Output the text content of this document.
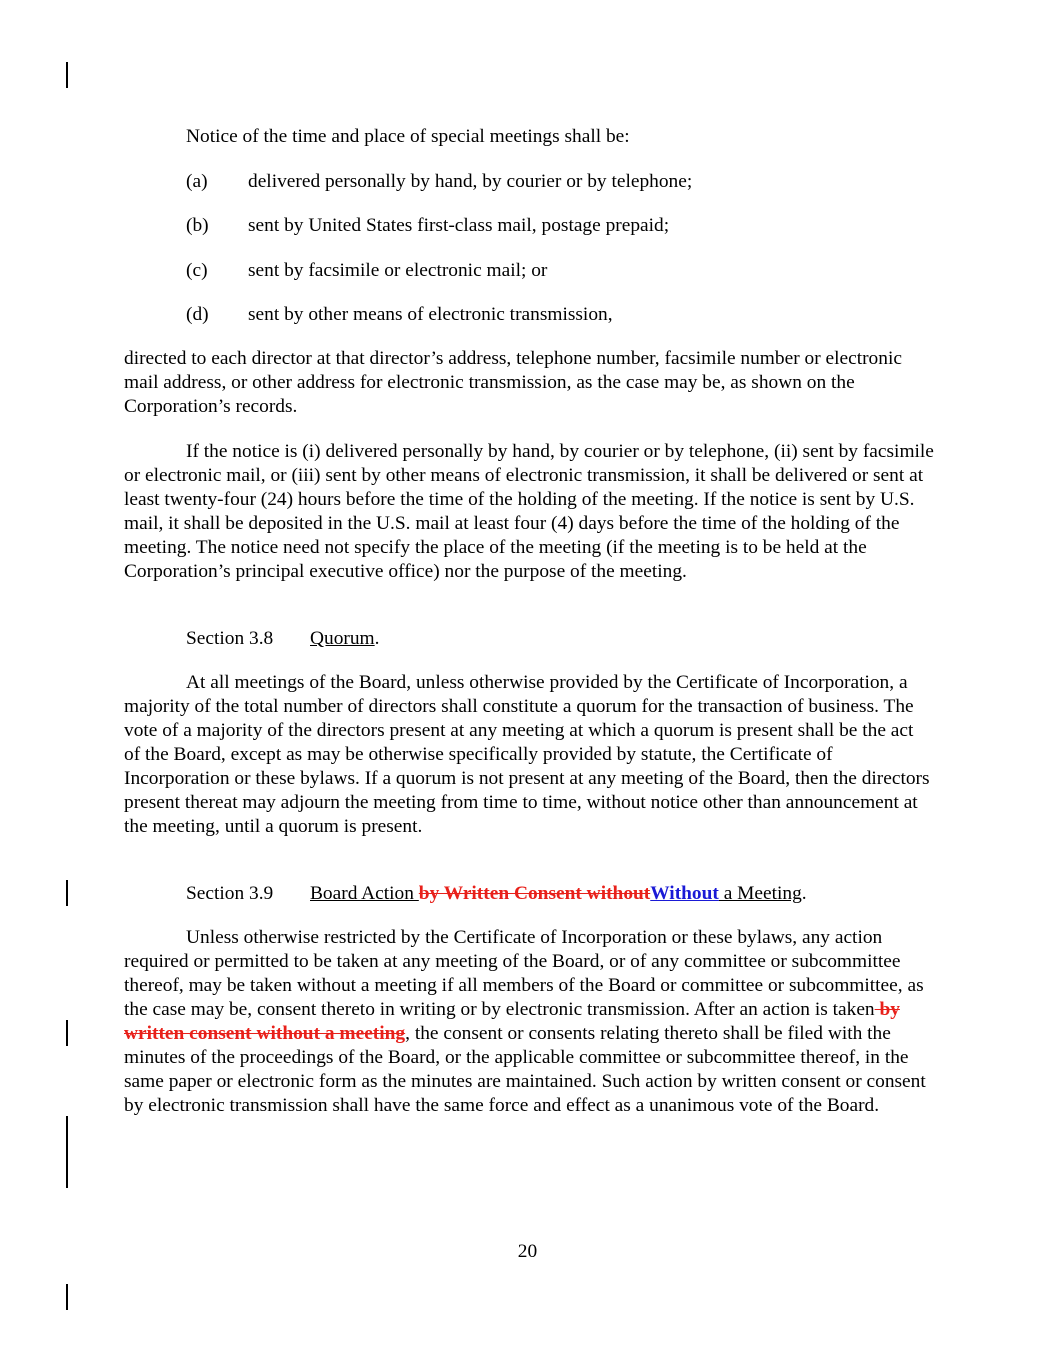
Notice of the time and place of special meetings shall be:
(a) delivered personally by hand, by courier or by telephone;
(b) sent by United States first-class mail, postage prepaid;
(c) sent by facsimile or electronic mail; or
(d) sent by other means of electronic transmission,

directed to each director at that director’s address, telephone number, facsimile number or electronic mail address, or other address for electronic transmission, as the case may be, as shown on the Corporation’s records.

If the notice is (i) delivered personally by hand, by courier or by telephone, (ii) sent by facsimile or electronic mail, or (iii) sent by other means of electronic transmission, it shall be delivered or sent at least twenty-four (24) hours before the time of the holding of the meeting. If the notice is sent by U.S. mail, it shall be deposited in the U.S. mail at least four (4) days before the time of the holding of the meeting. The notice need not specify the place of the meeting (if the meeting is to be held at the Corporation’s principal executive office) nor the purpose of the meeting.

Section 3.8 Quorum.

At all meetings of the Board, unless otherwise provided by the Certificate of Incorporation, a majority of the total number of directors shall constitute a quorum for the transaction of business. The vote of a majority of the directors present at any meeting at which a quorum is present shall be the act of the Board, except as may be otherwise specifically provided by statute, the Certificate of Incorporation or these bylaws. If a quorum is not present at any meeting of the Board, then the directors present thereat may adjourn the meeting from time to time, without notice other than announcement at the meeting, until a quorum is present.

Section 3.9 Board Action by Written Consent withoutWithout a Meeting.

Unless otherwise restricted by the Certificate of Incorporation or these bylaws, any action required or permitted to be taken at any meeting of the Board, or of any committee or subcommittee thereof, may be taken without a meeting if all members of the Board or committee or subcommittee, as the case may be, consent thereto in writing or by electronic transmission. After an action is taken by written consent without a meeting, the consent or consents relating thereto shall be filed with the minutes of the proceedings of the Board, or the applicable committee or subcommittee thereof, in the same paper or electronic form as the minutes are maintained. Such action by written consent or consent by electronic transmission shall have the same force and effect as a unanimous vote of the Board.

20
